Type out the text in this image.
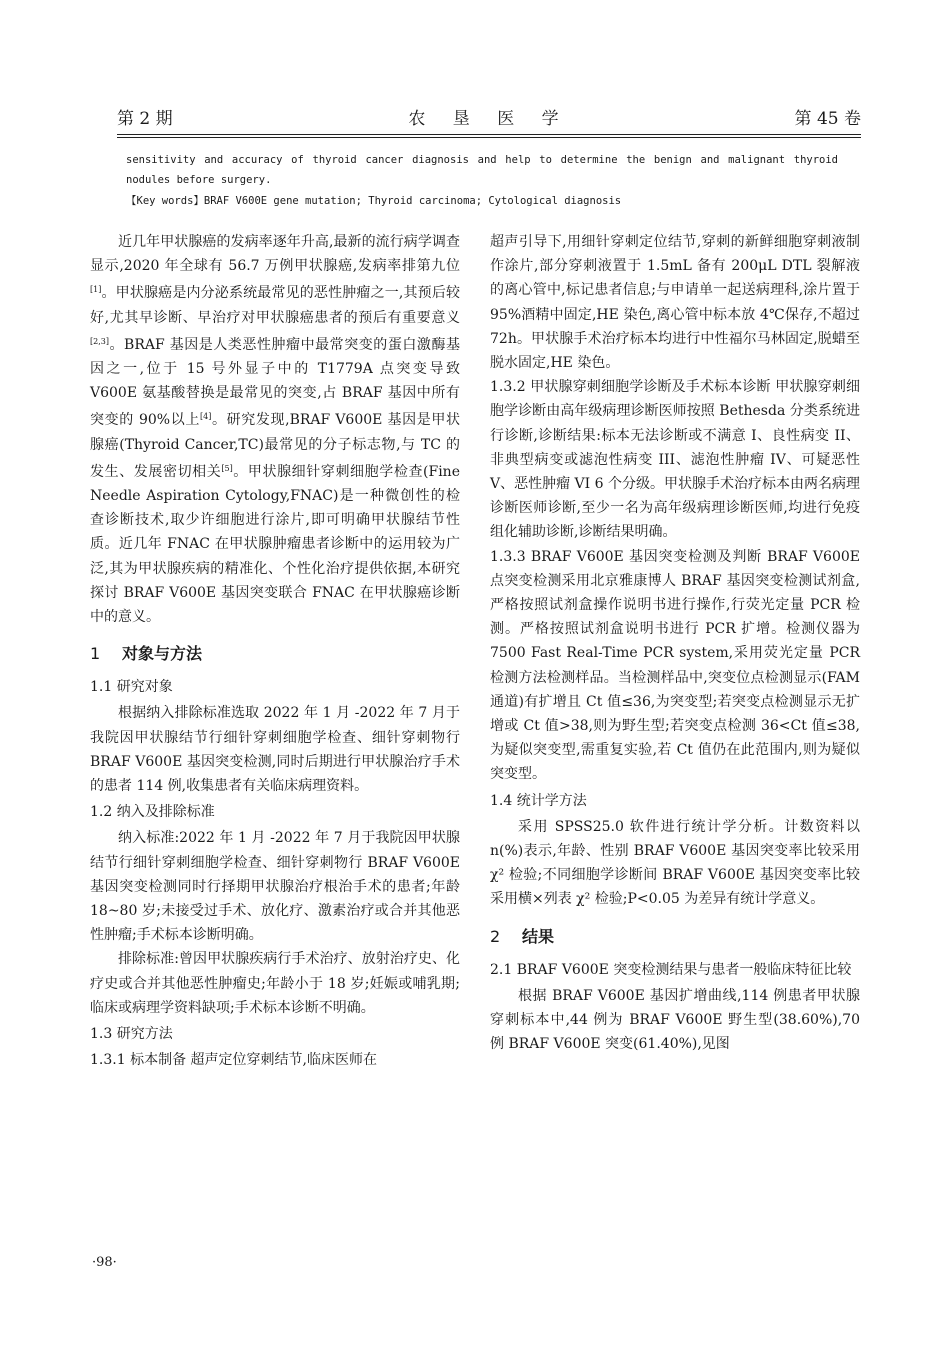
第 2 期	农 垦 医 学	第 45 卷
sensitivity and accuracy of thyroid cancer diagnosis and help to determine the benign and malignant thyroid nodules before surgery.
【Key words】BRAF V600E gene mutation; Thyroid carcinoma; Cytological diagnosis

近几年甲状腺癌的发病率逐年升高,最新的流行病学调查显示,2020 年全球有 56.7 万例甲状腺癌,发病率排第九位[1]。甲状腺癌是内分泌系统最常见的恶性肿瘤之一,其预后较好,尤其早诊断、早治疗对甲状腺癌患者的预后有重要意义[2,3]。BRAF 基因是人类恶性肿瘤中最常突变的蛋白激酶基因之一,位于 15 号外显子中的 T1779A 点突变导致 V600E 氨基酸替换是最常见的突变,占 BRAF 基因中所有突变的 90%以上[4]。研究发现,BRAF V600E 基因是甲状腺癌(Thyroid Cancer,TC)最常见的分子标志物,与 TC 的发生、发展密切相关[5]。甲状腺细针穿刺细胞学检查(Fine Needle Aspiration Cytology,FNAC)是一种微创性的检查诊断技术,取少许细胞进行涂片,即可明确甲状腺结节性质。近几年 FNAC 在甲状腺肿瘤患者诊断中的运用较为广泛,其为甲状腺疾病的精准化、个性化治疗提供依据,本研究探讨 BRAF V600E 基因突变联合 FNAC 在甲状腺癌诊断中的意义。

1 对象与方法

1.1 研究对象

根据纳入排除标准选取 2022 年 1 月 -2022 年 7 月于我院因甲状腺结节行细针穿刺细胞学检查、细针穿刺物行 BRAF V600E 基因突变检测,同时后期进行甲状腺治疗手术的患者 114 例,收集患者有关临床病理资料。

1.2 纳入及排除标准

纳入标准:2022 年 1 月 -2022 年 7 月于我院因甲状腺结节行细针穿刺细胞学检查、细针穿刺物行 BRAF V600E 基因突变检测同时行择期甲状腺治疗根治手术的患者;年龄 18~80 岁;未接受过手术、放化疗、激素治疗或合并其他恶性肿瘤;手术标本诊断明确。

排除标准:曾因甲状腺疾病行手术治疗、放射治疗史、化疗史或合并其他恶性肿瘤史;年龄小于 18 岁;妊娠或哺乳期;临床或病理学资料缺项;手术标本诊断不明确。

1.3 研究方法

1.3.1 标本制备 超声定位穿刺结节,临床医师在

超声引导下,用细针穿刺定位结节,穿刺的新鲜细胞穿刺液制作涂片,部分穿刺液置于 1.5mL 备有 200μL DTL 裂解液的离心管中,标记患者信息;与申请单一起送病理科,涂片置于 95%酒精中固定,HE 染色,离心管中标本放 4℃保存,不超过 72h。甲状腺手术治疗标本均进行中性福尔马林固定,脱蜡至脱水固定,HE 染色。

1.3.2 甲状腺穿刺细胞学诊断及手术标本诊断 甲状腺穿刺细胞学诊断由高年级病理诊断医师按照 Bethesda 分类系统进行诊断,诊断结果:标本无法诊断或不满意 I、良性病变 II、非典型病变或滤泡性病变 III、滤泡性肿瘤 IV、可疑恶性 V、恶性肿瘤 VI 6 个分级。甲状腺手术治疗标本由两名病理诊断医师诊断,至少一名为高年级病理诊断医师,均进行免疫组化辅助诊断,诊断结果明确。

1.3.3 BRAF V600E 基因突变检测及判断 BRAF V600E 点突变检测采用北京雅康博人 BRAF 基因突变检测试剂盒,严格按照试剂盒操作说明书进行操作,行荧光定量 PCR 检测。严格按照试剂盒说明书进行 PCR 扩增。检测仪器为 7500 Fast Real-Time PCR system,采用荧光定量 PCR 检测方法检测样品。当检测样品中,突变位点检测显示(FAM 通道)有扩增且 Ct 值≤36,为突变型;若突变点检测显示无扩增或 Ct 值>38,则为野生型;若突变点检测 36<Ct 值≤38,为疑似突变型,需重复实验,若 Ct 值仍在此范围内,则为疑似突变型。

1.4 统计学方法

采用 SPSS25.0 软件进行统计学分析。计数资料以 n(%)表示,年龄、性别 BRAF V600E 基因突变率比较采用 χ² 检验;不同细胞学诊断间 BRAF V600E 基因突变率比较采用横×列表 χ² 检验;P<0.05 为差异有统计学意义。

2 结果

2.1 BRAF V600E 突变检测结果与患者一般临床特征比较

根据 BRAF V600E 基因扩增曲线,114 例患者甲状腺穿刺标本中,44 例为 BRAF V600E 野生型(38.60%),70 例 BRAF V600E 突变(61.40%),见图

·98·
